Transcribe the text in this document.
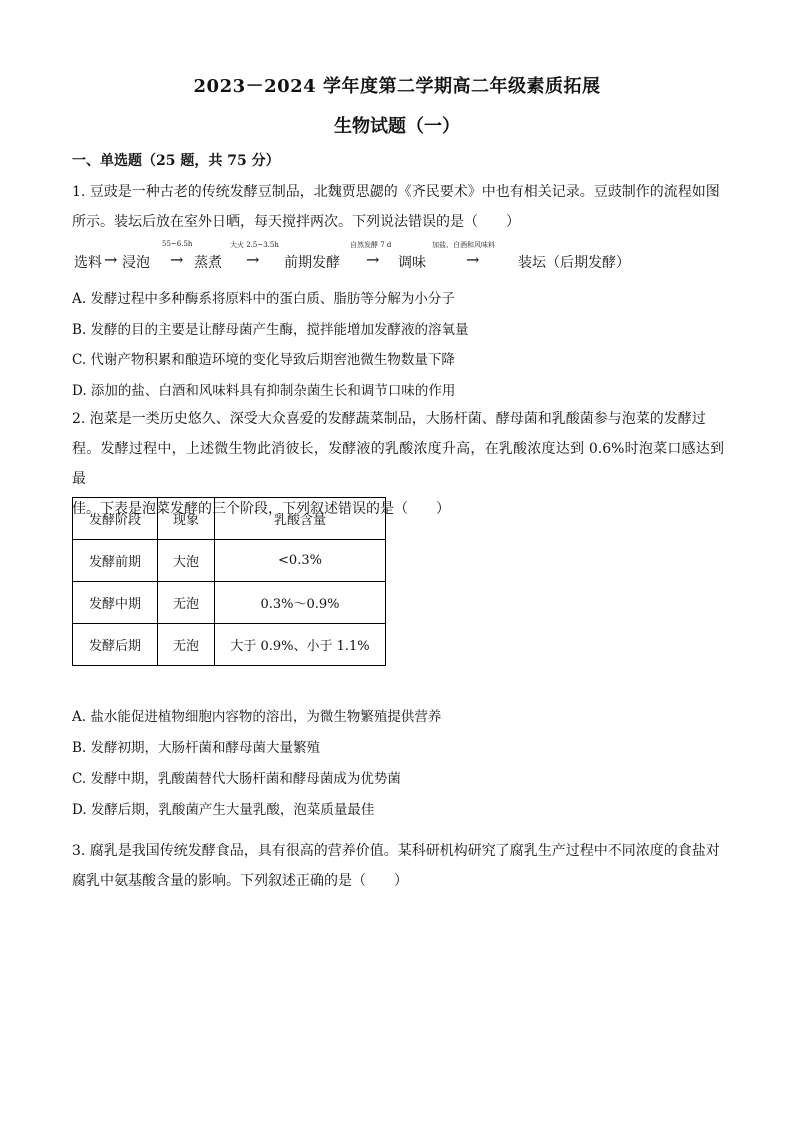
2023－2024 学年度第二学期高二年级素质拓展
生物试题（一）
一、单选题（25 题，共 75 分）
1. 豆豉是一种古老的传统发酵豆制品，北魏贾思勰的《齐民要术》中也有相关记录。豆豉制作的流程如图
所示。装坛后放在室外日晒，每天搅拌两次。下列说法错误的是（　　）
选料 → 浸泡
55~6.5h
→ 蒸煮
大火 2.5~3.5h
→ 前期发酵
自然发酵 7 d
→ 调味
加盐、白酒和风味料
→	装坛（后期发酵）
A. 发酵过程中多种酶系将原料中的蛋白质、脂肪等分解为小分子
B. 发酵的目的主要是让酵母菌产生酶，搅拌能增加发酵液的溶氧量
C. 代谢产物积累和酿造环境的变化导致后期窖池微生物数量下降
D. 添加的盐、白酒和风味料具有抑制杂菌生长和调节口味的作用
2. 泡菜是一类历史悠久、深受大众喜爱的发酵蔬菜制品，大肠杆菌、酵母菌和乳酸菌参与泡菜的发酵过
程。发酵过程中，上述微生物此消彼长，发酵液的乳酸浓度升高，在乳酸浓度达到 0.6%时泡菜口感达到最
佳。下表是泡菜发酵的三个阶段，下列叙述错误的是（　　）
发酵阶段	现象	乳酸含量
发酵前期	大泡	<0.3%
发酵中期	无泡	0.3%～0.9%
发酵后期	无泡	大于 0.9%、小于 1.1%
A. 盐水能促进植物细胞内容物的溶出，为微生物繁殖提供营养
B. 发酵初期，大肠杆菌和酵母菌大量繁殖
C. 发酵中期，乳酸菌替代大肠杆菌和酵母菌成为优势菌
D. 发酵后期，乳酸菌产生大量乳酸，泡菜质量最佳
3. 腐乳是我国传统发酵食品，具有很高的营养价值。某科研机构研究了腐乳生产过程中不同浓度的食盐对
腐乳中氨基酸含量的影响。下列叙述正确的是（　　）
